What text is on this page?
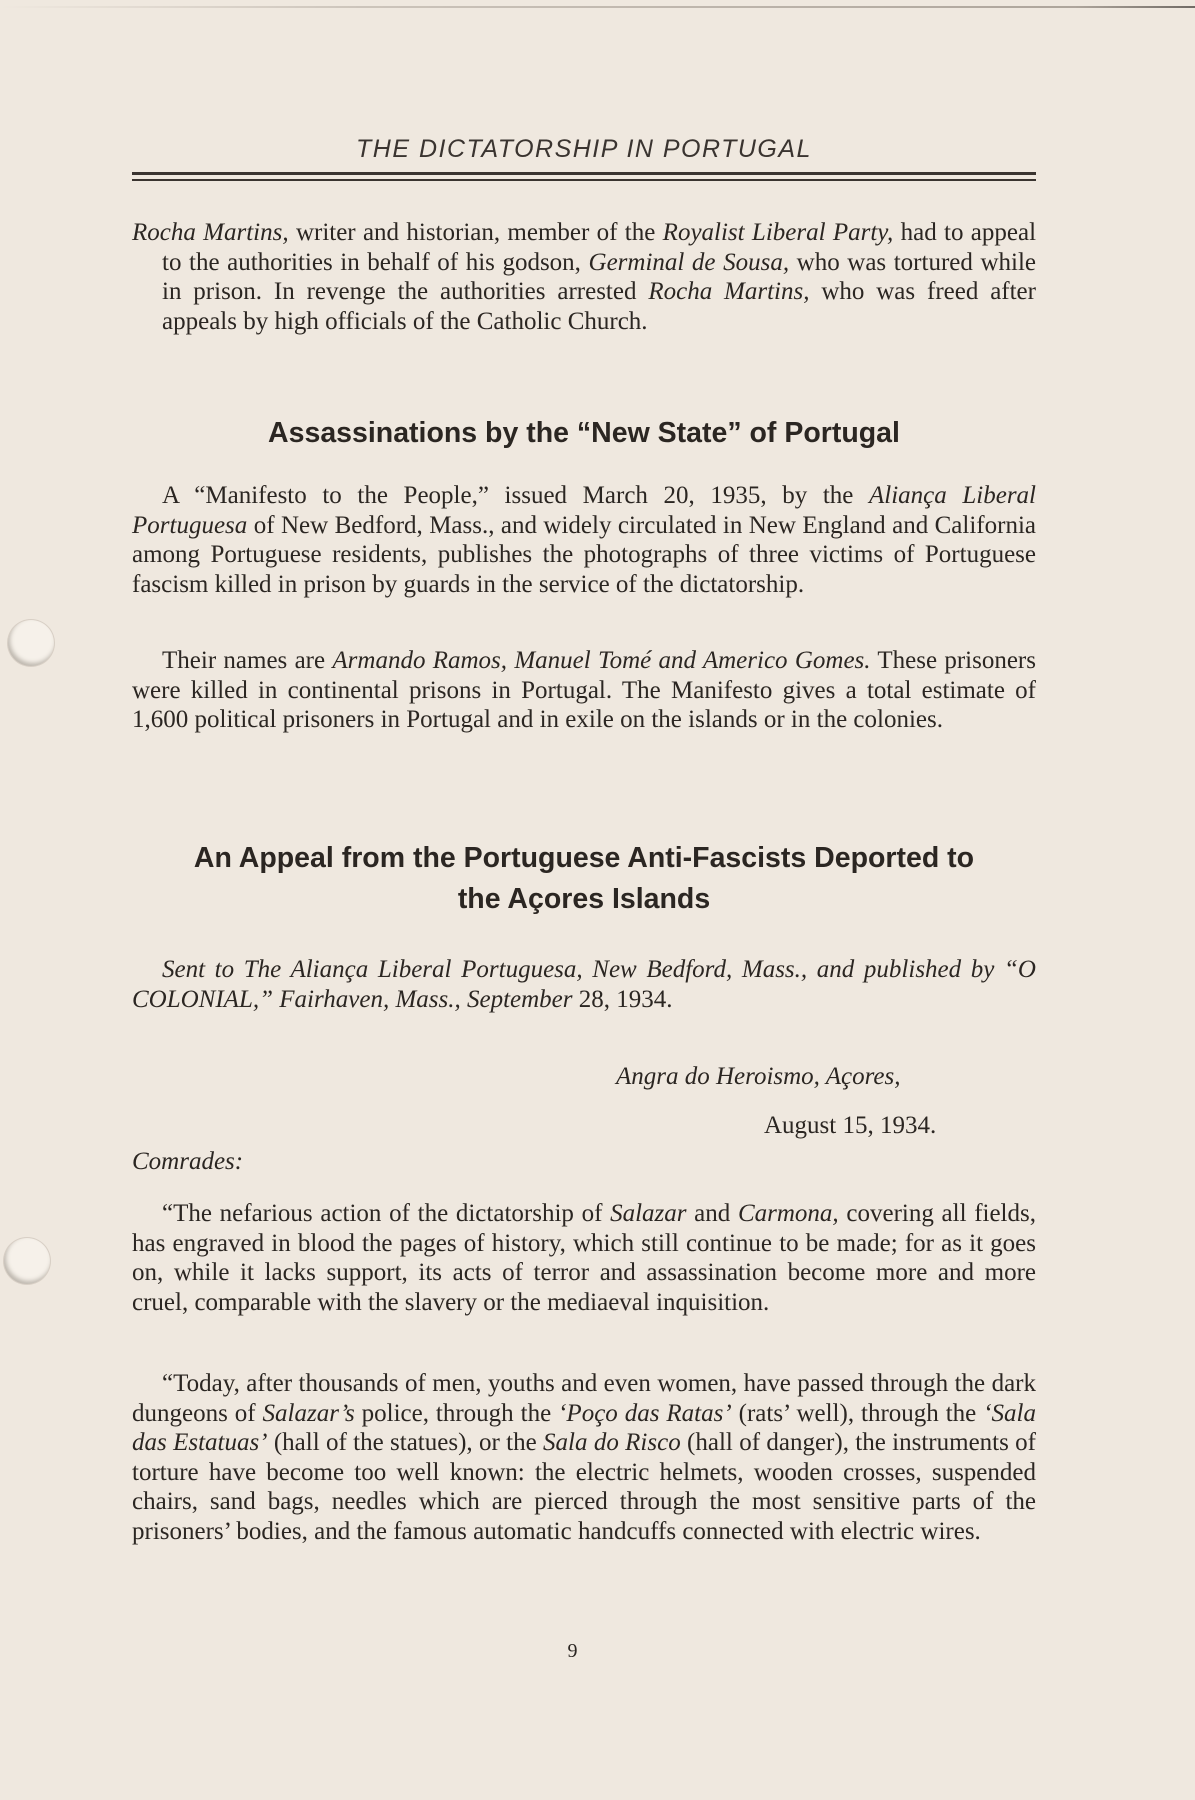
THE DICTATORSHIP IN PORTUGAL

Rocha Martins, writer and historian, member of the Royalist Liberal Party, had to appeal to the authorities in behalf of his godson, Germinal de Sousa, who was tortured while in prison. In revenge the authorities arrested Rocha Martins, who was freed after appeals by high officials of the Catholic Church.

Assassinations by the “New State” of Portugal

A “Manifesto to the People,” issued March 20, 1935, by the Aliança Liberal Portuguesa of New Bedford, Mass., and widely circulated in New England and California among Portuguese residents, publishes the photographs of three victims of Portuguese fascism killed in prison by guards in the service of the dictatorship.

Their names are Armando Ramos, Manuel Tomé and Americo Gomes. These prisoners were killed in continental prisons in Portugal. The Manifesto gives a total estimate of 1,600 political prisoners in Portugal and in exile on the islands or in the colonies.

An Appeal from the Portuguese Anti-Fascists Deported to
the Açores Islands

Sent to The Aliança Liberal Portuguesa, New Bedford, Mass., and published by “O COLONIAL,” Fairhaven, Mass., September 28, 1934.

Angra do Heroismo, Açores,
August 15, 1934.
Comrades:

“The nefarious action of the dictatorship of Salazar and Carmona, covering all fields, has engraved in blood the pages of history, which still continue to be made; for as it goes on, while it lacks support, its acts of terror and assassination become more and more cruel, comparable with the slavery or the mediaeval inquisition.

“Today, after thousands of men, youths and even women, have passed through the dark dungeons of Salazar’s police, through the ‘Poço das Ratas’ (rats’ well), through the ‘Sala das Estatuas’ (hall of the statues), or the Sala do Risco (hall of danger), the instruments of torture have become too well known: the electric helmets, wooden crosses, suspended chairs, sand bags, needles which are pierced through the most sensitive parts of the prisoners’ bodies, and the famous automatic handcuffs connected with electric wires.

9
